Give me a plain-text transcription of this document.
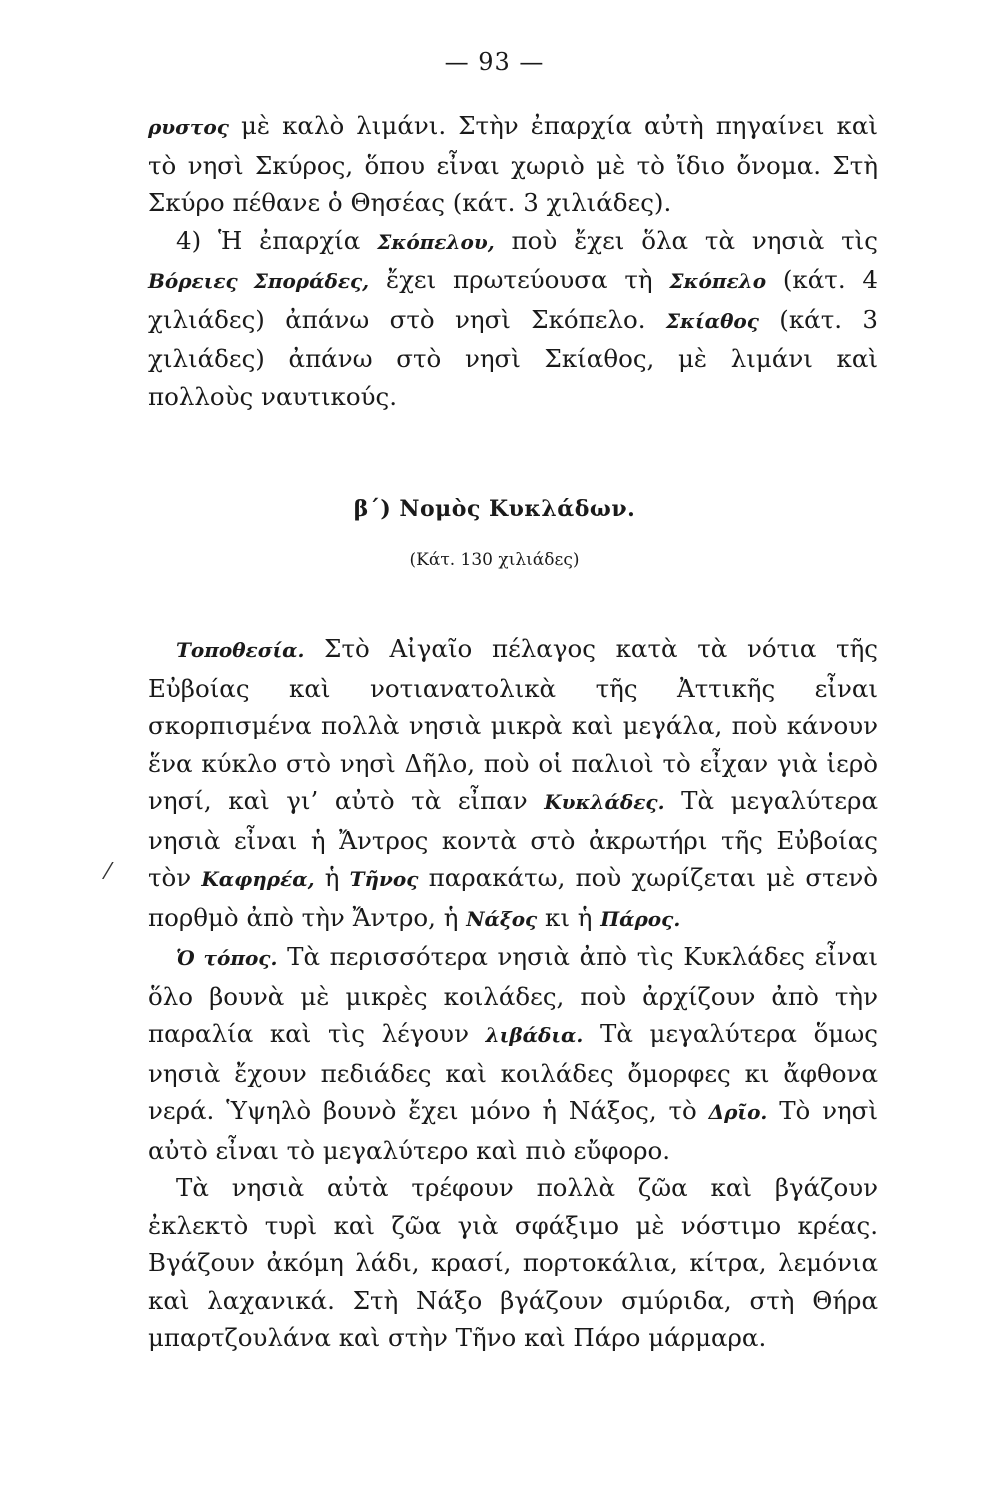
— 93 —

ρυστος μὲ καλὸ λιμάνι. Στὴν ἐπαρχία αὐτὴ πηγαίνει καὶ τὸ νησὶ Σκύρος, ὅπου εἶναι χωριὸ μὲ τὸ ἴδιο ὄνομα. Στὴ Σκύρο πέθανε ὁ Θησέας (κάτ. 3 χιλιάδες).

4) Ἡ ἐπαρχία Σκόπελου, ποὺ ἔχει ὅλα τὰ νησιὰ τὶς Βόρειες Σποράδες, ἔχει πρωτεύουσα τὴ Σκόπελο (κάτ. 4 χιλιάδες) ἀπάνω στὸ νησὶ Σκόπελο. Σκίαθος (κάτ. 3 χιλιάδες) ἀπάνω στὸ νησὶ Σκίαθος, μὲ λιμάνι καὶ πολλοὺς ναυτικούς.

β΄) Νομὸς Κυκλάδων.
(Κάτ. 130 χιλιάδες)
⁄

Τοποθεσία. Στὸ Αἰγαῖο πέλαγος κατὰ τὰ νότια τῆς Εὐβοίας καὶ νοτιανατολικὰ τῆς Ἀττικῆς εἶναι σκορπισμένα πολλὰ νησιὰ μικρὰ καὶ μεγάλα, ποὺ κάνουν ἕνα κύκλο στὸ νησὶ Δῆλο, ποὺ οἱ παλιοὶ τὸ εἶχαν γιὰ ἱερὸ νησί, καὶ γι’ αὐτὸ τὰ εἶπαν Κυκλάδες. Τὰ μεγαλύτερα νησιὰ εἶναι ἡ Ἄντρος κοντὰ στὸ ἀκρωτήρι τῆς Εὐβοίας τὸν Καφηρέα, ἡ Τῆνος παρακάτω, ποὺ χωρίζεται μὲ στενὸ πορθμὸ ἀπὸ τὴν Ἄντρο, ἡ Νάξος κι ἡ Πάρος.

Ὁ τόπος. Τὰ περισσότερα νησιὰ ἀπὸ τὶς Κυκλάδες εἶναι ὅλο βουνὰ μὲ μικρὲς κοιλάδες, ποὺ ἀρχίζουν ἀπὸ τὴν παραλία καὶ τὶς λέγουν λιβάδια. Τὰ μεγαλύτερα ὅμως νησιὰ ἔχουν πεδιάδες καὶ κοιλάδες ὄμορφες κι ἄφθονα νερά. Ὑψηλὸ βουνὸ ἔχει μόνο ἡ Νάξος, τὸ Δρῖο. Τὸ νησὶ αὐτὸ εἶναι τὸ μεγαλύτερο καὶ πιὸ εὔφορο.

Τὰ νησιὰ αὐτὰ τρέφουν πολλὰ ζῶα καὶ βγάζουν ἐκλεκτὸ τυρὶ καὶ ζῶα γιὰ σφάξιμο μὲ νόστιμο κρέας. Βγάζουν ἀκόμη λάδι, κρασί, πορτοκάλια, κίτρα, λεμόνια καὶ λαχανικά. Στὴ Νάξο βγάζουν σμύριδα, στὴ Θήρα μπαρτζουλάνα καὶ στὴν Τῆνο καὶ Πάρο μάρμαρα.
